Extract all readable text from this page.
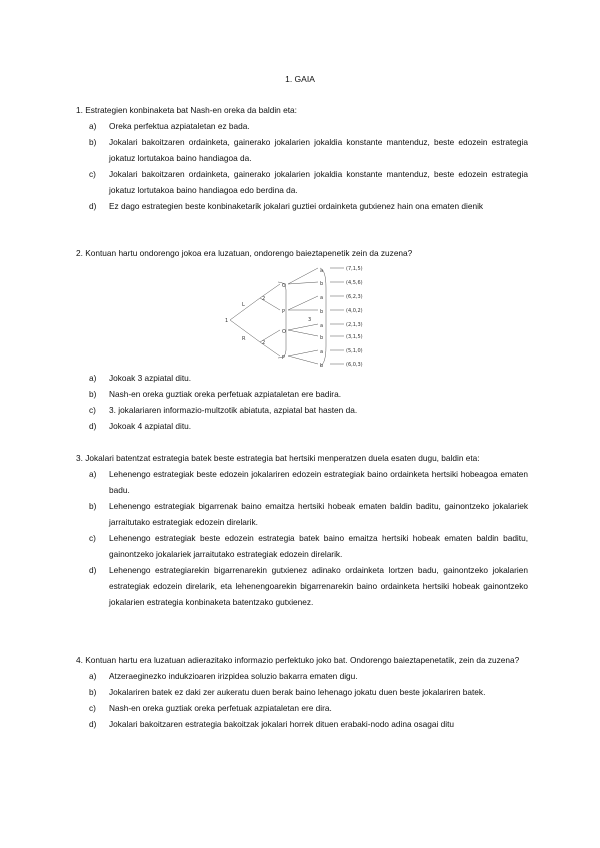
1. GAIA
1. Estrategien konbinaketa bat Nash-en oreka da baldin eta:
a) Oreka perfektua azpiataletan ez bada.
b) Jokalari bakoitzaren ordainketa, gainerako jokalarien jokaldia konstante mantenduz, beste edozein estrategia jokatuz lortutakoa baino handiagoa da.
c) Jokalari bakoitzaren ordainketa, gainerako jokalarien jokaldia konstante mantenduz, beste edozein estrategia jokatuz lortutakoa baino handiagoa edo berdina da.
d) Ez dago estrategien beste konbinaketarik jokalari guztiei ordainketa gutxienez hain ona ematen dienik
2. Kontuan hartu ondorengo jokoa era luzatuan, ondorengo baieztapenetik zein da zuzena?
1
L
R
2
2
O
P
O
P
3
a
b
a
b
a
b
a
b
(7,1,5)
(4,5,6)
(6,2,3)
(4,0,2)
(2,1,3)
(3,1,5)
(5,1,0)
(6,0,3)
a) Jokoak 3 azpiatal ditu.
b) Nash-en oreka guztiak oreka perfetuak azpiataletan ere badira.
c) 3. jokalariaren informazio-multzotik abiatuta, azpiatal bat hasten da.
d) Jokoak 4 azpiatal ditu.
3. Jokalari batentzat estrategia batek beste estrategia bat hertsiki menperatzen duela esaten dugu, baldin eta:
a) Lehenengo estrategiak beste edozein jokalariren edozein estrategiak baino ordainketa hertsiki hobeagoa ematen badu.
b) Lehenengo estrategiak bigarrenak baino emaitza hertsiki hobeak ematen baldin baditu, gainontzeko jokalariek jarraitutako estrategiak edozein direlarik.
c) Lehenengo estrategiak beste edozein estrategia batek baino emaitza hertsiki hobeak ematen baldin baditu, gainontzeko jokalariek jarraitutako estrategiak edozein direlarik.
d) Lehenengo estrategiarekin bigarrenarekin gutxienez adinako ordainketa lortzen badu, gainontzeko jokalarien estrategiak edozein direlarik, eta lehenengoarekin bigarrenarekin baino ordainketa hertsiki hobeak gainontzeko jokalarien estrategia konbinaketa batentzako gutxienez.
4. Kontuan hartu era luzatuan adierazitako informazio perfektuko joko bat. Ondorengo baieztapenetatik, zein da zuzena?
a) Atzeraeginezko indukzioaren irizpidea soluzio bakarra ematen digu.
b) Jokalariren batek ez daki zer aukeratu duen berak baino lehenago jokatu duen beste jokalariren batek.
c) Nash-en oreka guztiak oreka perfetuak azpiataletan ere dira.
d) Jokalari bakoitzaren estrategia bakoitzak jokalari horrek dituen erabaki-nodo adina osagai ditu
